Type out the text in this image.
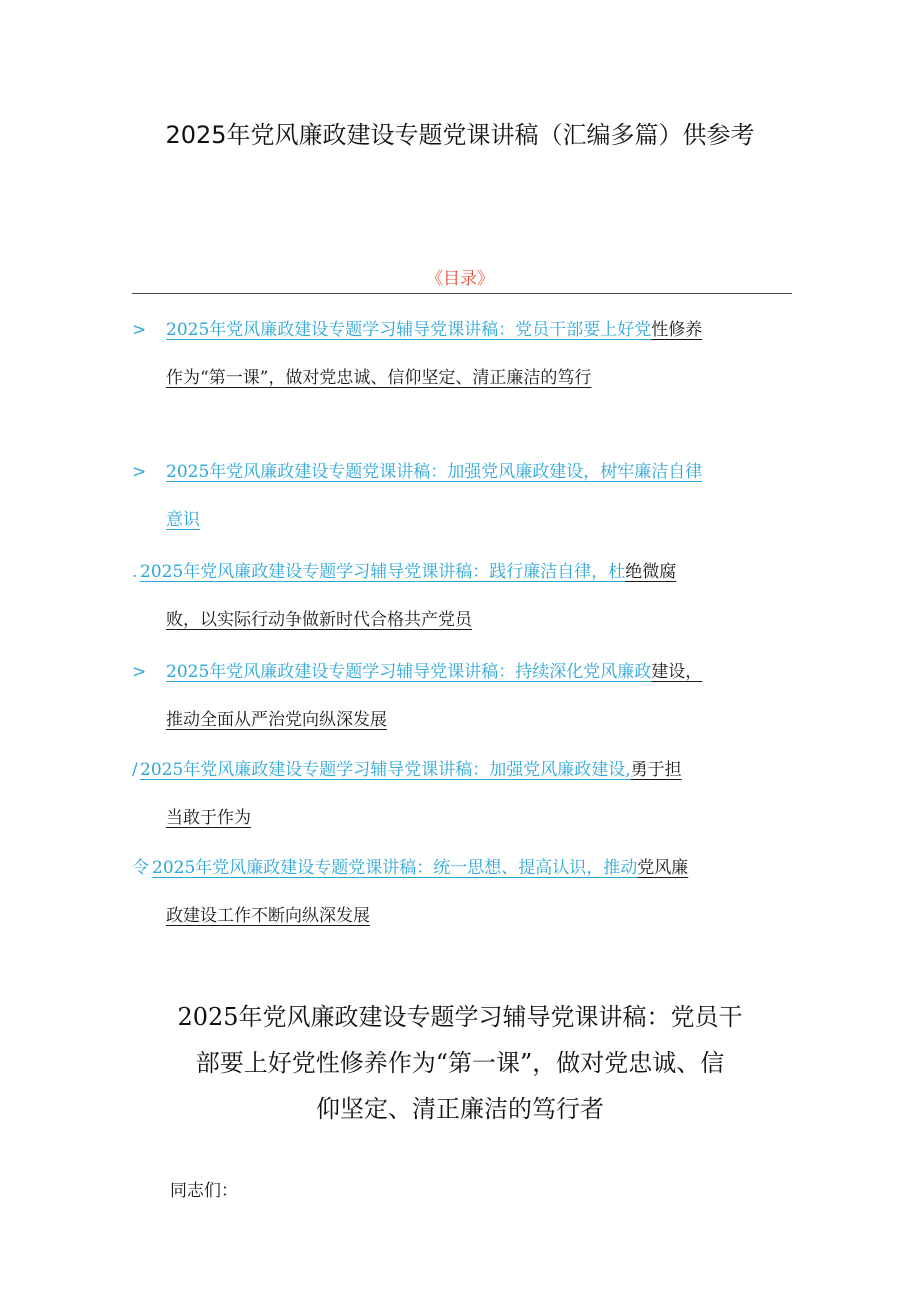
2025年党风廉政建设专题党课讲稿（汇编多篇）供参考
《目录》
> 2025年党风廉政建设专题学习辅导党课讲稿：党员干部要上好党性修养
作为“第一课”，做对党忠诚、信仰坚定、清正廉洁的笃行
> 2025年党风廉政建设专题党课讲稿：加强党风廉政建设，树牢廉洁自律
意识
. 2025年党风廉政建设专题学习辅导党课讲稿：践行廉洁自律，杜绝微腐
败，以实际行动争做新时代合格共产党员
> 2025年党风廉政建设专题学习辅导党课讲稿：持续深化党风廉政建设，
推动全面从严治党向纵深发展
/ 2025年党风廉政建设专题学习辅导党课讲稿：加强党风廉政建设,勇于担
当敢于作为
令 2025年党风廉政建设专题党课讲稿：统一思想、提高认识，推动党风廉
政建设工作不断向纵深发展
2025年党风廉政建设专题学习辅导党课讲稿：党员干
部要上好党性修养作为“第一课”，做对党忠诚、信
仰坚定、清正廉洁的笃行者
同志们：
